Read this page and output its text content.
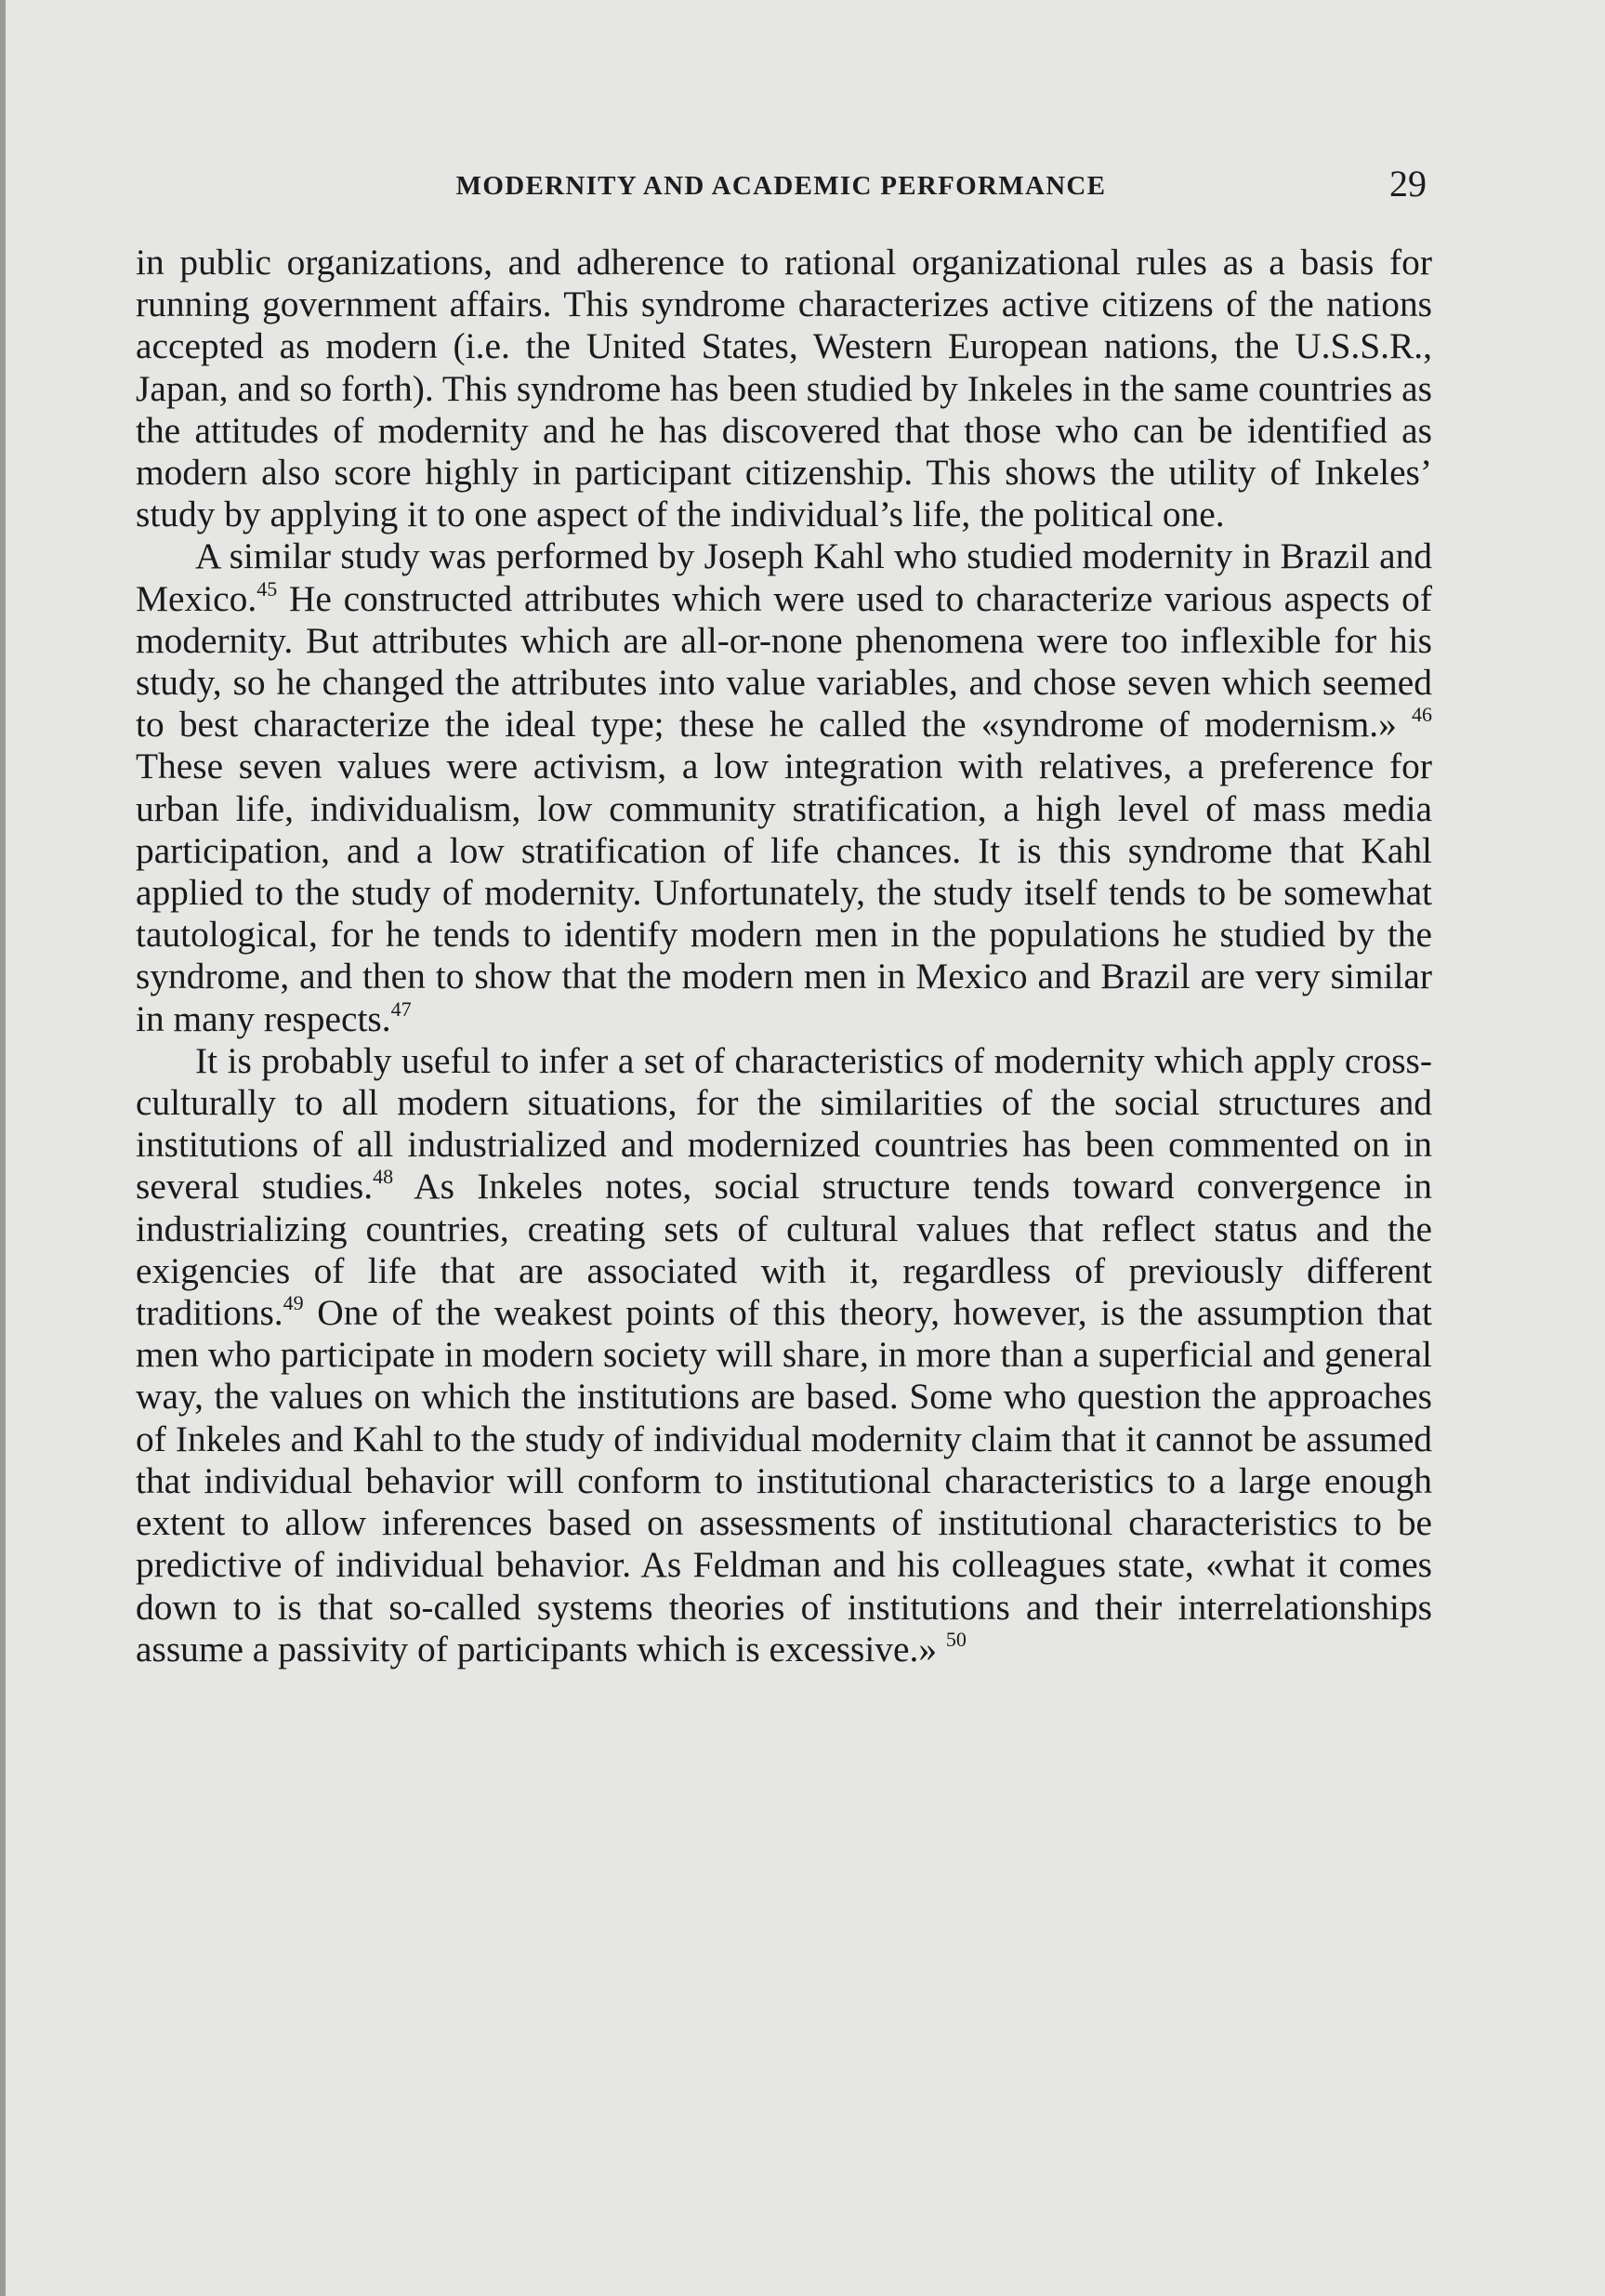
MODERNITY AND ACADEMIC PERFORMANCE	29

in public organizations, and adherence to rational organizational rules as a basis for running government affairs. This syndrome characterizes active citizens of the nations accepted as modern (i.e. the United States, Western European nations, the U.S.S.R., Japan, and so forth). This syndrome has been studied by Inkeles in the same countries as the attitudes of modernity and he has discovered that those who can be identified as modern also score highly in participant citizenship. This shows the utility of Inkeles’ study by applying it to one aspect of the individual’s life, the political one.

A similar study was performed by Joseph Kahl who studied modernity in Brazil and Mexico.$^{45}$ He constructed attributes which were used to characterize various aspects of modernity. But attributes which are all-or-none phenomena were too inflexible for his study, so he changed the attributes into value variables, and chose seven which seemed to best characterize the ideal type; these he called the «syndrome of modernism.» $^{46}$ These seven values were activism, a low integration with relatives, a preference for urban life, individualism, low community stratification, a high level of mass media participation, and a low stratification of life chances. It is this syndrome that Kahl applied to the study of modernity. Unfortunately, the study itself tends to be somewhat tautological, for he tends to identify modern men in the populations he studied by the syndrome, and then to show that the modern men in Mexico and Brazil are very similar in many respects.$^{47}$

It is probably useful to infer a set of characteristics of modernity which apply cross-culturally to all modern situations, for the similarities of the social structures and institutions of all industrialized and modernized countries has been commented on in several studies.$^{48}$ As Inkeles notes, social structure tends toward convergence in industrializing countries, creating sets of cultural values that reflect status and the exigencies of life that are associated with it, regardless of previously different traditions.$^{49}$ One of the weakest points of this theory, however, is the assumption that men who participate in modern society will share, in more than a superficial and general way, the values on which the institutions are based. Some who question the approaches of Inkeles and Kahl to the study of individual modernity claim that it cannot be assumed that individual behavior will conform to institutional characteristics to a large enough extent to allow inferences based on assessments of institutional characteristics to be predictive of individual behavior. As Feldman and his colleagues state, «what it comes down to is that so-called systems theories of institutions and their interrelationships assume a passivity of participants which is excessive.» $^{50}$
